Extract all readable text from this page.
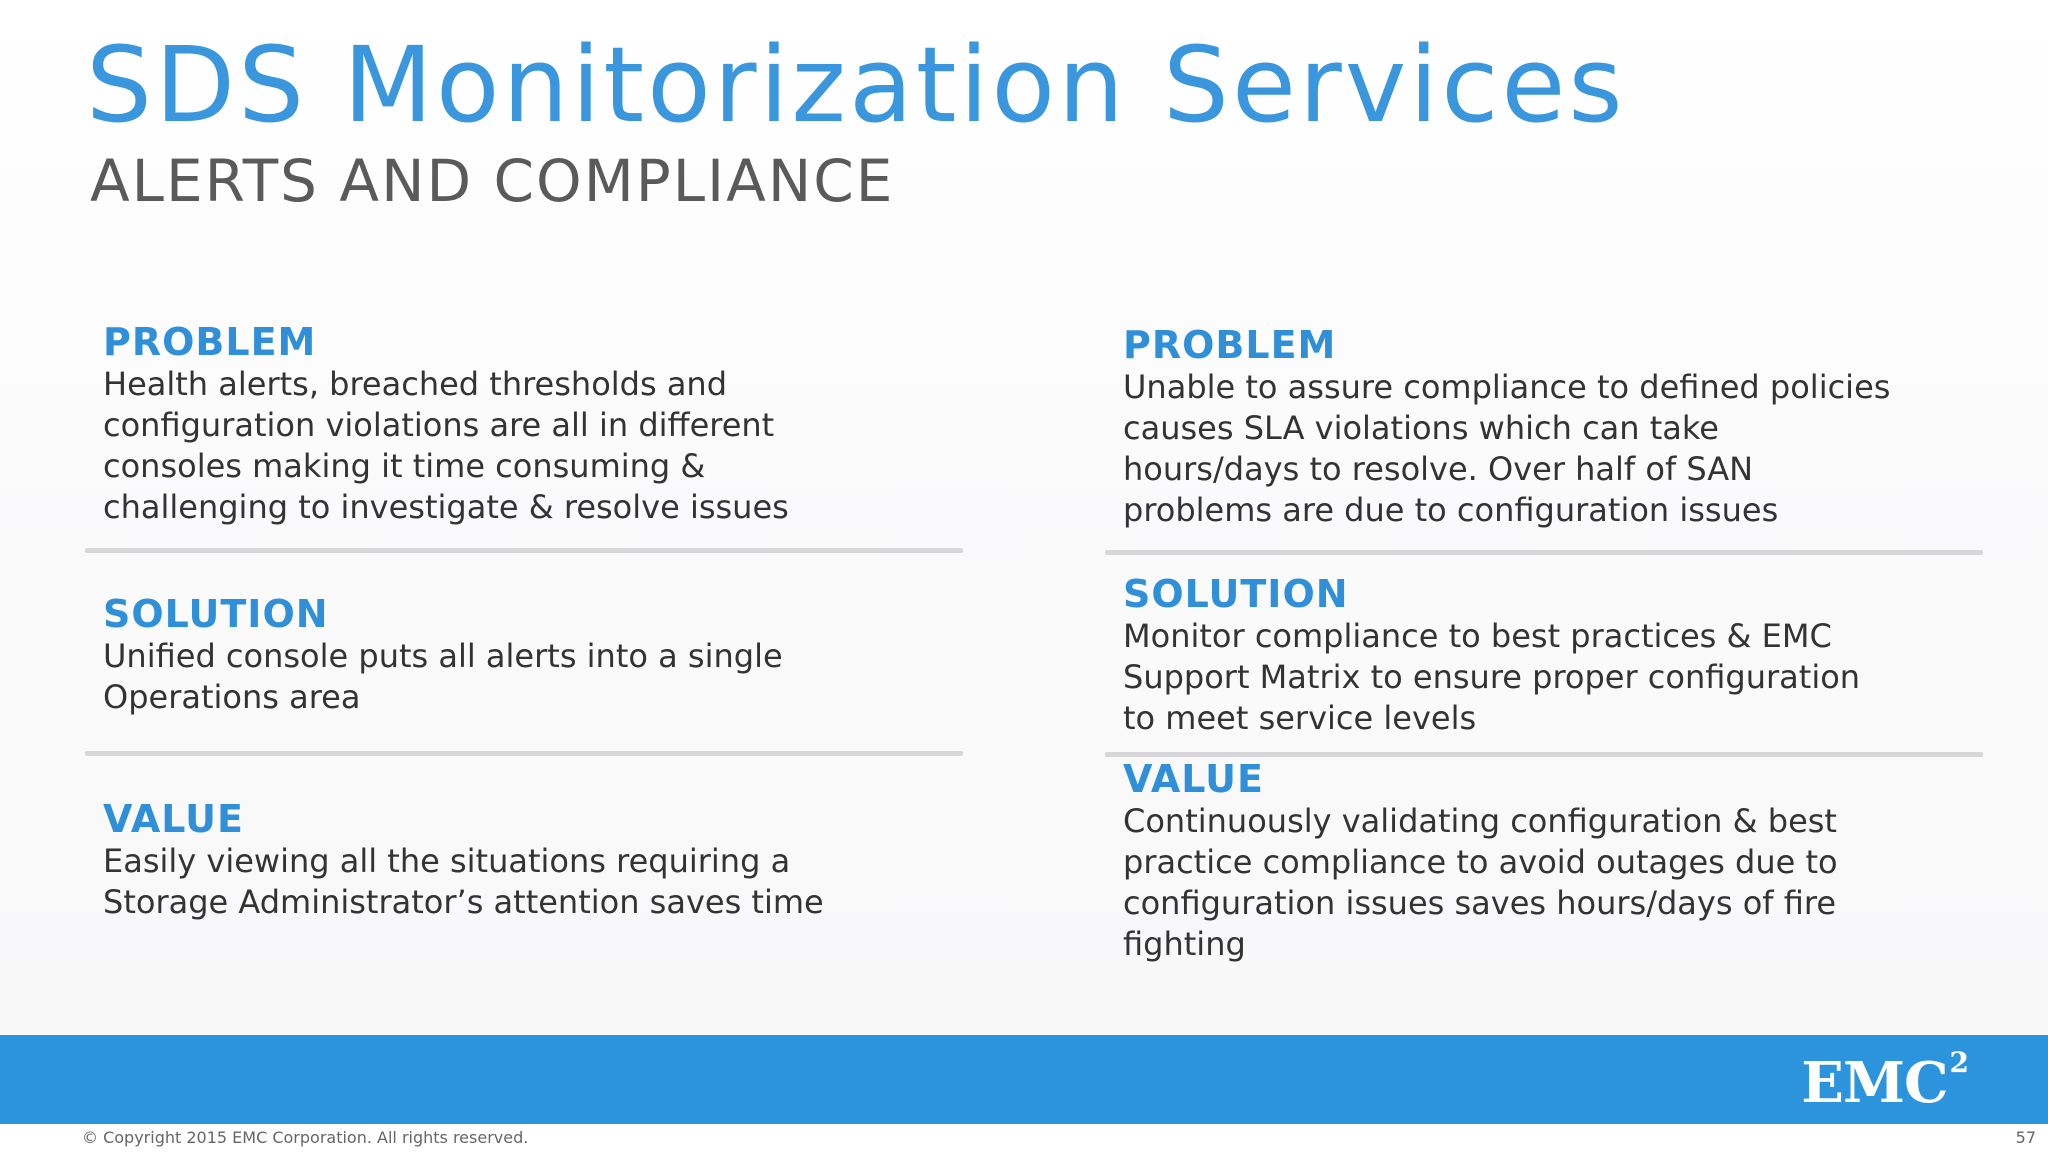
SDS Monitorization Services
ALERTS AND COMPLIANCE
PROBLEM
Health alerts, breached thresholds and
configuration violations are all in different
consoles making it time consuming &
challenging to investigate & resolve issues
SOLUTION
Unified console puts all alerts into a single
Operations area
VALUE
Easily viewing all the situations requiring a
Storage Administrator’s attention saves time
PROBLEM
Unable to assure compliance to defined policies
causes SLA violations which can take
hours/days to resolve. Over half of SAN
problems are due to configuration issues
SOLUTION
Monitor compliance to best practices & EMC
Support Matrix to ensure proper configuration
to meet service levels
VALUE
Continuously validating configuration & best
practice compliance to avoid outages due to
configuration issues saves hours/days of fire
fighting
EMC$^2$
© Copyright 2015 EMC Corporation. All rights reserved.	57
